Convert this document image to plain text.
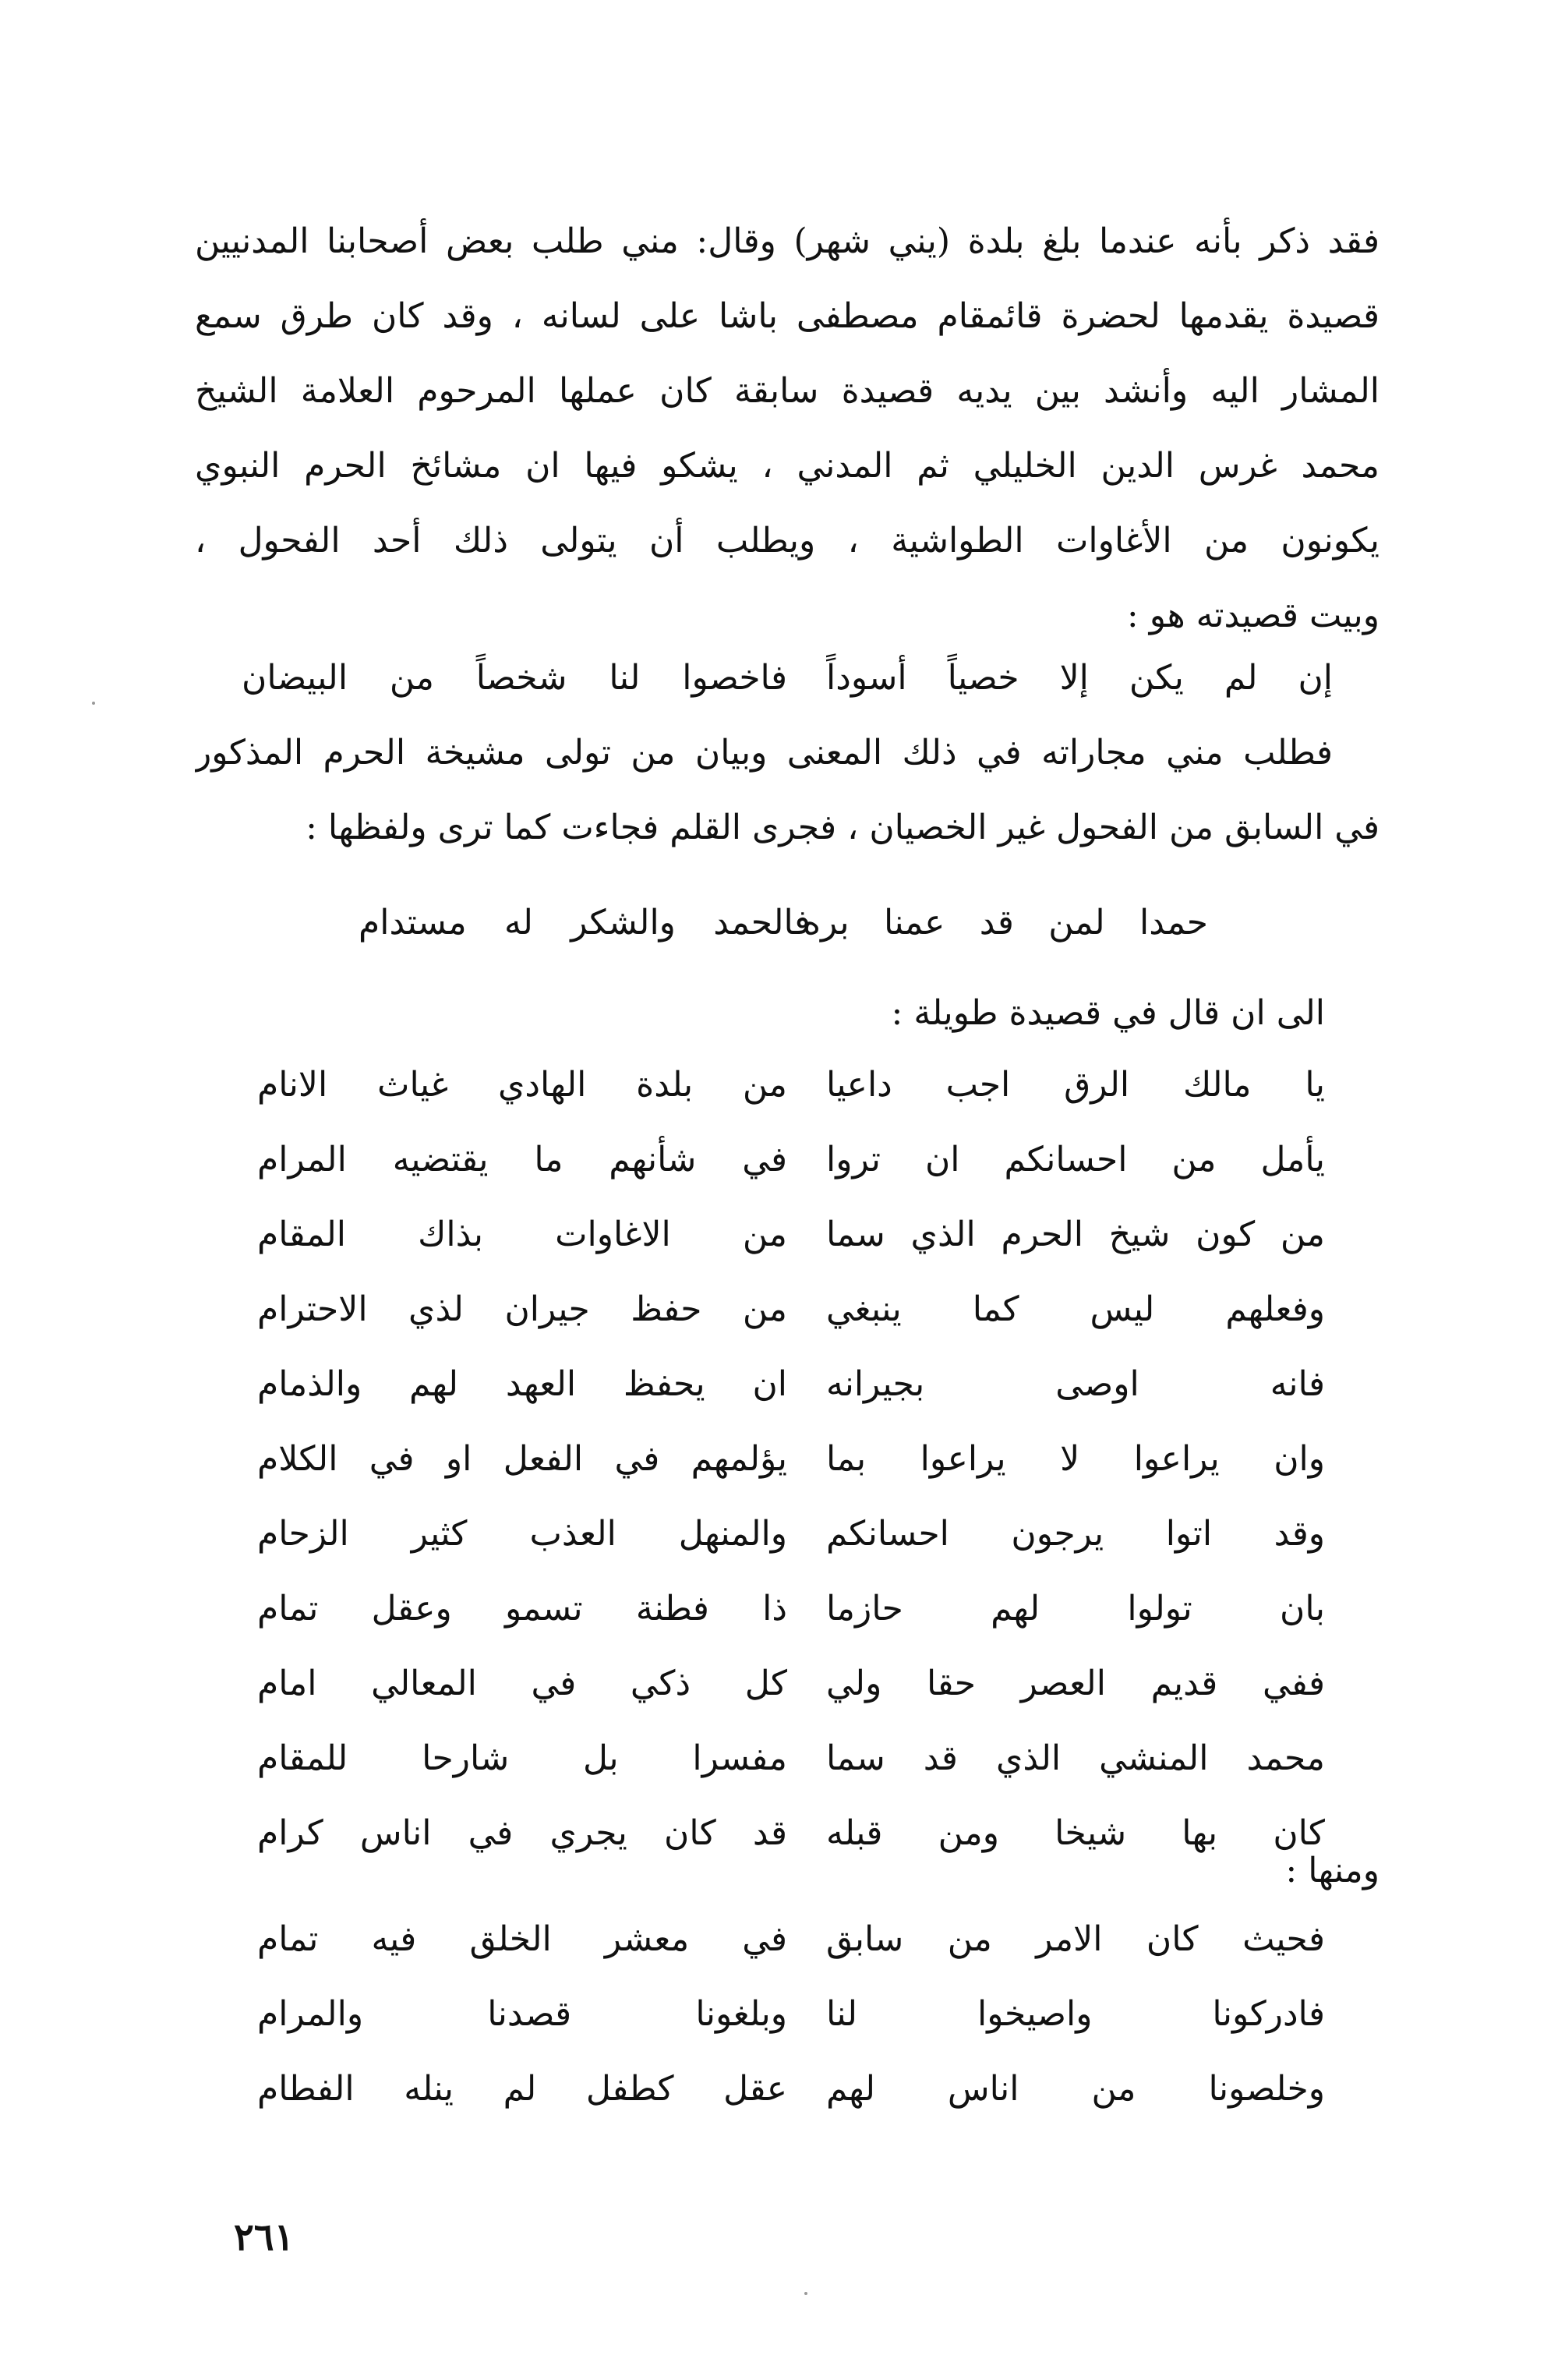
فقد ذكر بأنه عندما بلغ بلدة (يني شهر) وقال: مني طلب بعض أصحابنا المدنيين
قصيدة يقدمها لحضرة قائمقام مصطفى باشا على لسانه ، وقد كان طرق سمع
المشار اليه وأنشد بين يديه قصيدة سابقة كان عملها المرحوم العلامة الشيخ
محمد غرس الدين الخليلي ثم المدني ، يشكو فيها ان مشائخ الحرم النبوي
يكونون من الأغاوات الطواشية ، ويطلب أن يتولى ذلك أحد الفحول ،
وبيت قصيدته هو :
إن لم يكن إلا خصياً أسوداً
فاخصوا لنا شخصاً من البيضان
فطلب مني مجاراته في ذلك المعنى وبيان من تولى مشيخة الحرم المذكور
في السابق من الفحول غير الخصيان ، فجرى القلم فجاءت كما ترى ولفظها :
حمدا لمن قد عمنا بره
فالحمد والشكر له مستدام
الى ان قال في قصيدة طويلة :
يا مالك الرق اجب داعيا
من بلدة الهادي غياث الانام
يأمل من احسانكم ان تروا
في شأنهم ما يقتضيه المرام
من كون شيخ الحرم الذي سما
من الاغاوات بذاك المقام
وفعلهم ليس كما ينبغي
من حفظ جيران لذي الاحترام
فانه اوصى بجيرانه
ان يحفظ العهد لهم والذمام
وان يراعوا لا يراعوا بما
يؤلمهم في الفعل او في الكلام
وقد اتوا يرجون احسانكم
والمنهل العذب كثير الزحام
بان تولوا لهم حازما
ذا فطنة تسمو وعقل تمام
ففي قديم العصر حقا ولي
كل ذكي في المعالي امام
محمد المنشي الذي قد سما
مفسرا بل شارحا للمقام
كان بها شيخا ومن قبله
قد كان يجري في اناس كرام
ومنها :
فحيث كان الامر من سابق
في معشر الخلق فيه تمام
فادركونا واصيخوا لنا
وبلغونا قصدنا والمرام
وخلصونا من اناس لهم
عقل كطفل لم ينله الفطام
٢٦١
